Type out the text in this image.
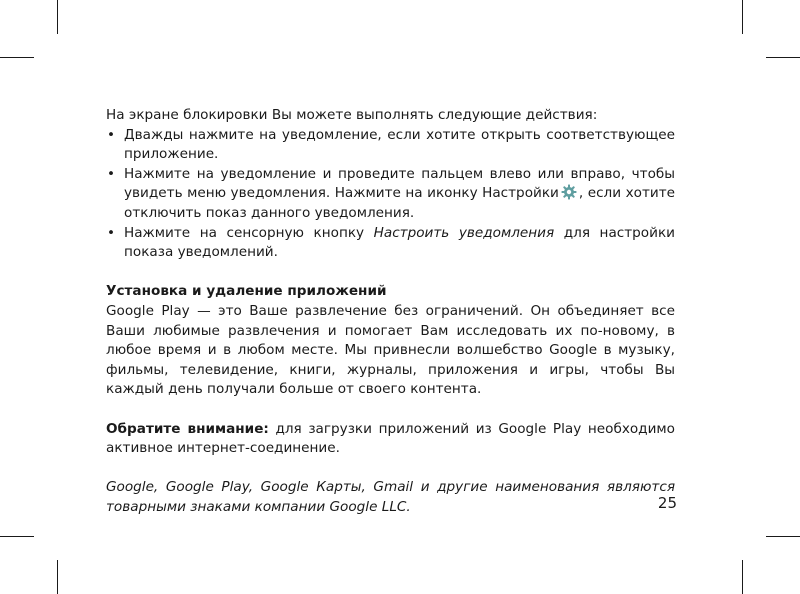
На экране блокировки Вы можете выполнять следующие действия:

• Дважды нажмите на уведомление, если хотите открыть соответствующее приложение.
• Нажмите на уведомление и проведите пальцем влево или вправо, чтобы увидеть меню уведомления. Нажмите на иконку Настройки , если хотите отключить показ данного уведомления.
• Нажмите на сенсорную кнопку Настроить уведомления для настройки показа уведомлений.

Установка и удаление приложений

Google Play — это Ваше развлечение без ограничений. Он объединяет все Ваши любимые развлечения и помогает Вам исследовать их по-новому, в любое время и в любом месте. Мы привнесли волшебство Google в музыку, фильмы, телевидение, книги, журналы, приложения и игры, чтобы Вы каждый день получали больше от своего контента.

Обратите внимание: для загрузки приложений из Google Play необходимо активное интернет-соединение.

Google, Google Play, Google Карты, Gmail и другие наименования являются товарными знаками компании Google LLC.	25
